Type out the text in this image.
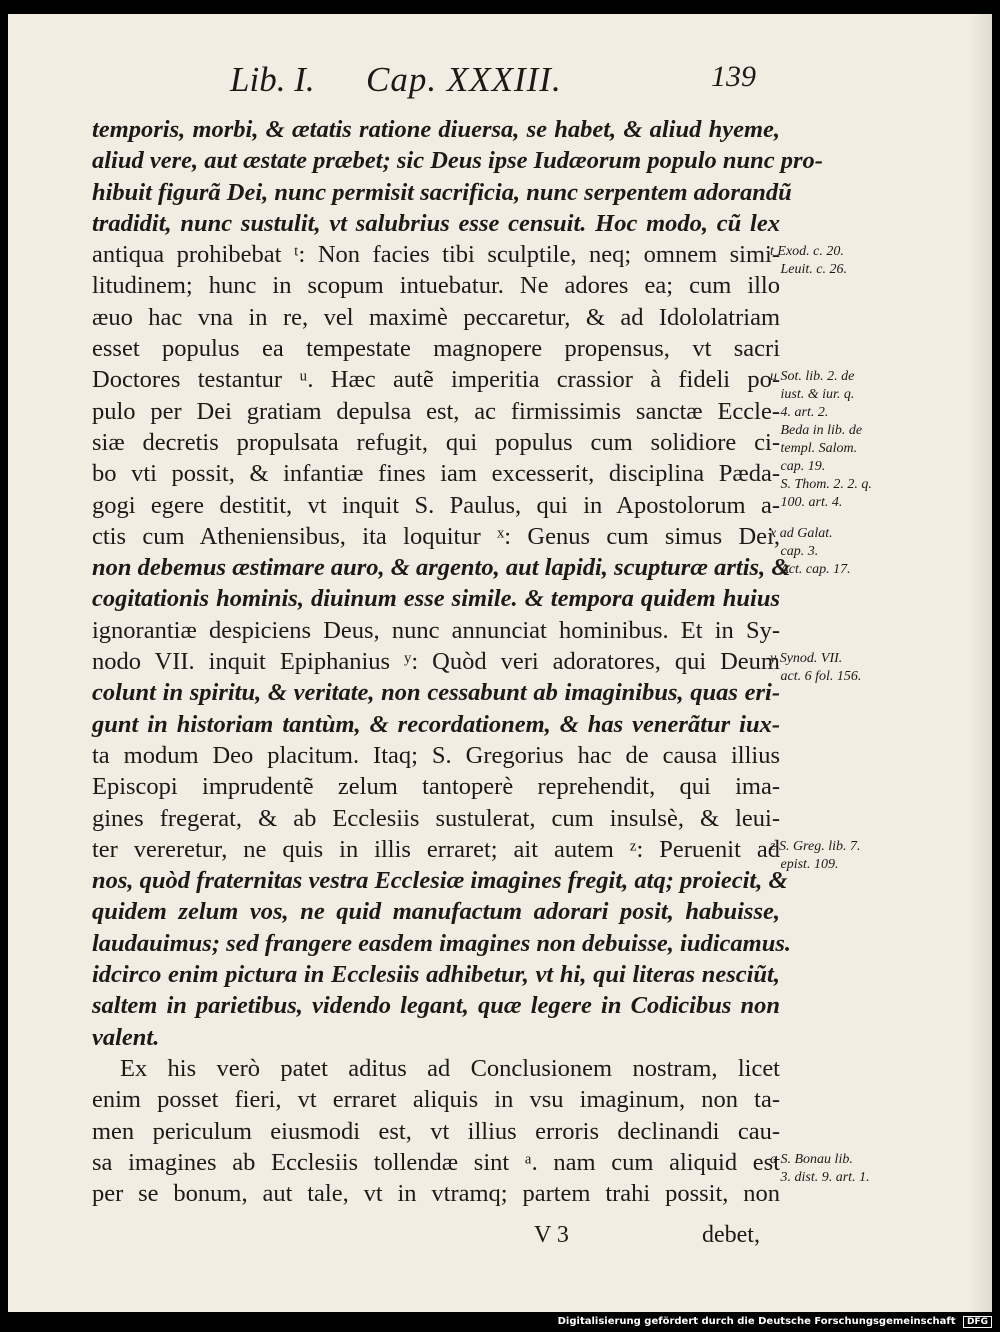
Lib. I. Cap. XXXIII.	139
temporis, morbi, & ætatis ratione diuersa, se habet, & aliud hyeme,
aliud vere, aut æstate præbet; sic Deus ipse Iudæorum populo nunc pro-
hibuit figurã Dei, nunc permisit sacrificia, nunc serpentem adorandũ
tradidit, nunc sustulit, vt salubrius esse censuit. Hoc modo, cũ lex
antiqua prohibebat ᵗ: Non facies tibi sculptile, neq; omnem simi-
litudinem; hunc in scopum intuebatur. Ne adores ea; cum illo
æuo hac vna in re, vel maximè peccaretur, & ad Idololatriam
esset populus ea tempestate magnopere propensus, vt sacri
Doctores testantur ᵘ. Hæc autẽ imperitia crassior à fideli po-
pulo per Dei gratiam depulsa est, ac firmissimis sanctæ Eccle-
siæ decretis propulsata refugit, qui populus cum solidiore ci-
bo vti possit, & infantiæ fines iam excesserit, disciplina Pæda-
gogi egere destitit, vt inquit S. Paulus, qui in Apostolorum a-
ctis cum Atheniensibus, ita loquitur ˣ: Genus cum simus Dei,
non debemus æstimare auro, & argento, aut lapidi, scupturæ artis, &
cogitationis hominis, diuinum esse simile. & tempora quidem huius
ignorantiæ despiciens Deus, nunc annunciat hominibus. Et in Sy-
nodo VII. inquit Epiphanius ʸ: Quòd veri adoratores, qui Deum
colunt in spiritu, & veritate, non cessabunt ab imaginibus, quas eri-
gunt in historiam tantùm, & recordationem, & has venerãtur iux-
ta modum Deo placitum. Itaq; S. Gregorius hac de causa illius
Episcopi imprudentẽ zelum tantoperè reprehendit, qui ima-
gines fregerat, & ab Ecclesiis sustulerat, cum insulsè, & leui-
ter vereretur, ne quis in illis erraret; ait autem ᶻ: Peruenit ad
nos, quòd fraternitas vestra Ecclesiæ imagines fregit, atq; proiecit, &
quidem zelum vos, ne quid manufactum adorari posit, habuisse,
laudauimus; sed frangere easdem imagines non debuisse, iudicamus.
idcirco enim pictura in Ecclesiis adhibetur, vt hi, qui literas nesciũt,
saltem in parietibus, videndo legant, quæ legere in Codicibus non
valent.
Ex his verò patet aditus ad Conclusionem nostram, licet
enim posset fieri, vt erraret aliquis in vsu imaginum, non ta-
men periculum eiusmodi est, vt illius erroris declinandi cau-
sa imagines ab Ecclesiis tollendæ sint ᵃ. nam cum aliquid est
per se bonum, aut tale, vt in vtramq; partem trahi possit, non
t Exod. c. 20.
Leuit. c. 26.
u Sot. lib. 2. de
iust. & iur. q.
4. art. 2.
Beda in lib. de
templ. Salom.
cap. 19.
S. Thom. 2. 2. q.
100. art. 4.
x ad Galat.
cap. 3.
Act. cap. 17.
y Synod. VII.
act. 6 fol. 156.
z S. Greg. lib. 7.
epist. 109.
a S. Bonau lib.
3. dist. 9. art. 1.
V 3	debet,
Digitalisierung gefördert durch die Deutsche Forschungsgemeinschaft DFG
